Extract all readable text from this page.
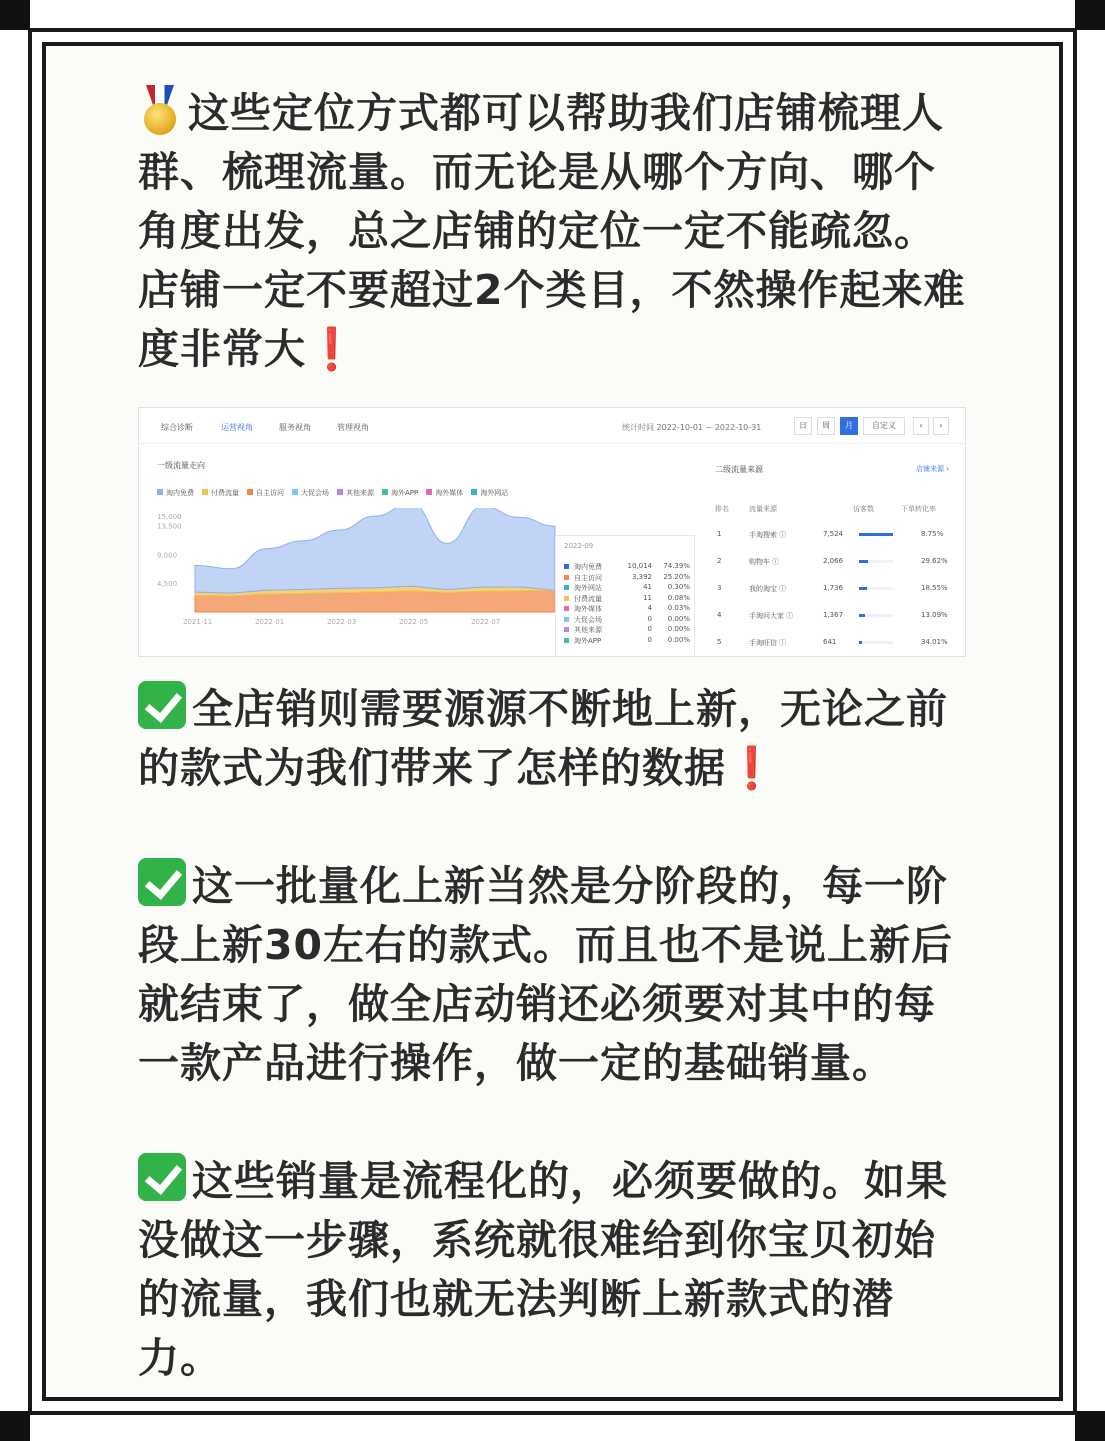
这些定位方式都可以帮助我们店铺梳理人群、梳理流量。而无论是从哪个方向、哪个角度出发，总之店铺的定位一定不能疏忽。店铺一定不要超过2个类目，不然操作起来难度非常大❗

综合诊断	运营视角	服务视角	管理视角	统计时间 2022-10-01 ~ 2022-10-31	日	周	月	自定义	‹	›
一级流量走向
淘内免费 付费流量 自主访问 大促会场 其他来源 淘外APP 淘外媒体 淘外网站
15,000
13,500
9,000
4,500
2021-11	2022-01	2022-03	2022-05	2022-07
2022-09
淘内免费	10,014 74.39%
自主访问	3,392 25.20%
淘外网站	41 0.30%
付费流量	11 0.08%
淘外媒体	4 0.03%
大促会场	0 0.00%
其他来源	0 0.00%
淘外APP	0 0.00%
二级流量来源	店铺来源 ›
排名	流量来源	访客数	下单转化率
1	手淘搜索 ⓘ	7,524	8.75%
2	购物车 ⓘ	2,066	29.62%
3	我的淘宝 ⓘ	1,736	18.55%
4	手淘问大家 ⓘ	1,367	13.09%
5	手淘旺信 ⓘ	641	34.01%

全店销则需要源源不断地上新，无论之前的款式为我们带来了怎样的数据❗

这一批量化上新当然是分阶段的，每一阶段上新30左右的款式。而且也不是说上新后就结束了，做全店动销还必须要对其中的每一款产品进行操作，做一定的基础销量。

这些销量是流程化的，必须要做的。如果没做这一步骤，系统就很难给到你宝贝初始的流量，我们也就无法判断上新款式的潜力。
